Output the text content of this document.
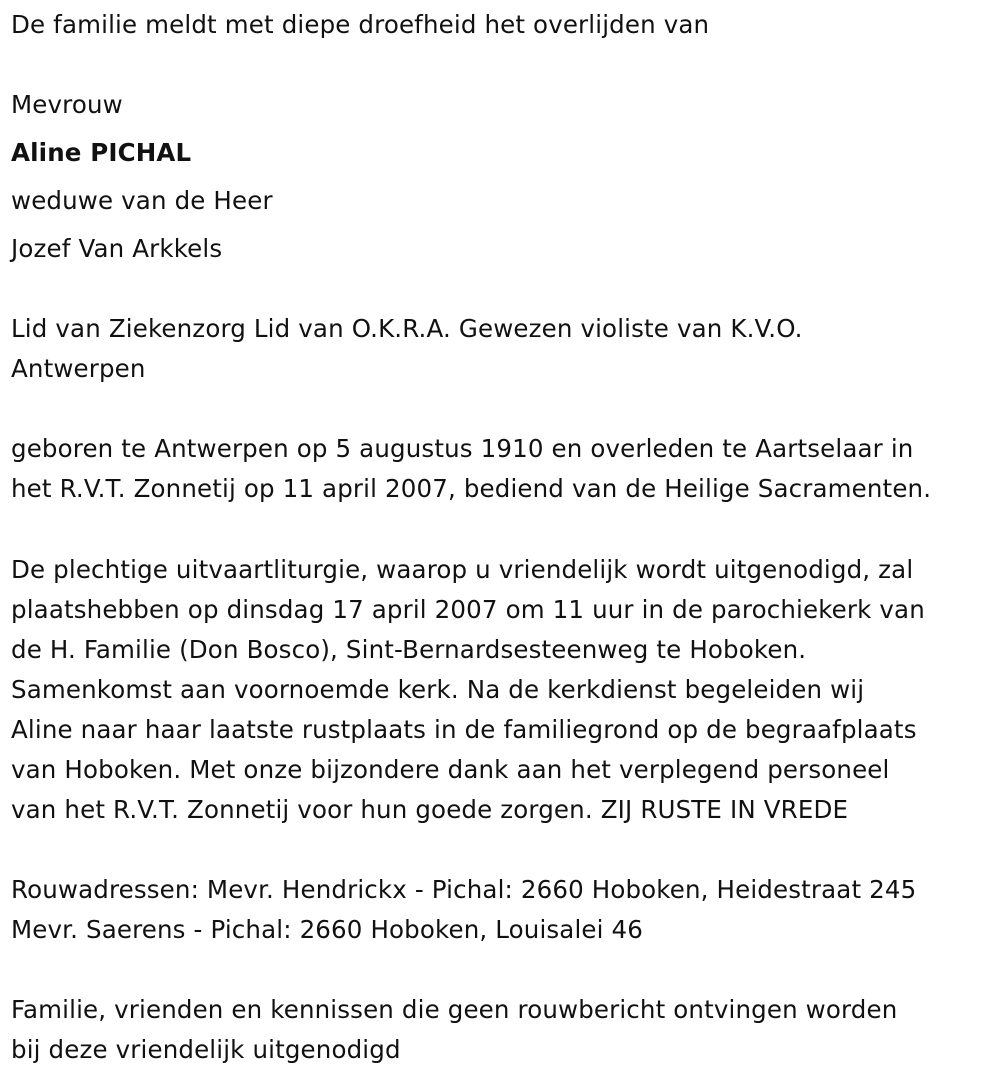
De familie meldt met diepe droefheid het overlijden van
Mevrouw
Aline PICHAL
weduwe van de Heer
Jozef Van Arkkels
Lid van Ziekenzorg Lid van O.K.R.A. Gewezen violiste van K.V.O.
Antwerpen
geboren te Antwerpen op 5 augustus 1910 en overleden te Aartselaar in
het R.V.T. Zonnetij op 11 april 2007, bediend van de Heilige Sacramenten.
De plechtige uitvaartliturgie, waarop u vriendelijk wordt uitgenodigd, zal
plaatshebben op dinsdag 17 april 2007 om 11 uur in de parochiekerk van
de H. Familie (Don Bosco), Sint-Bernardsesteenweg te Hoboken.
Samenkomst aan voornoemde kerk. Na de kerkdienst begeleiden wij
Aline naar haar laatste rustplaats in de familiegrond op de begraafplaats
van Hoboken. Met onze bijzondere dank aan het verplegend personeel
van het R.V.T. Zonnetij voor hun goede zorgen. ZIJ RUSTE IN VREDE
Rouwadressen: Mevr. Hendrickx - Pichal: 2660 Hoboken, Heidestraat 245
Mevr. Saerens - Pichal: 2660 Hoboken, Louisalei 46
Familie, vrienden en kennissen die geen rouwbericht ontvingen worden
bij deze vriendelijk uitgenodigd
